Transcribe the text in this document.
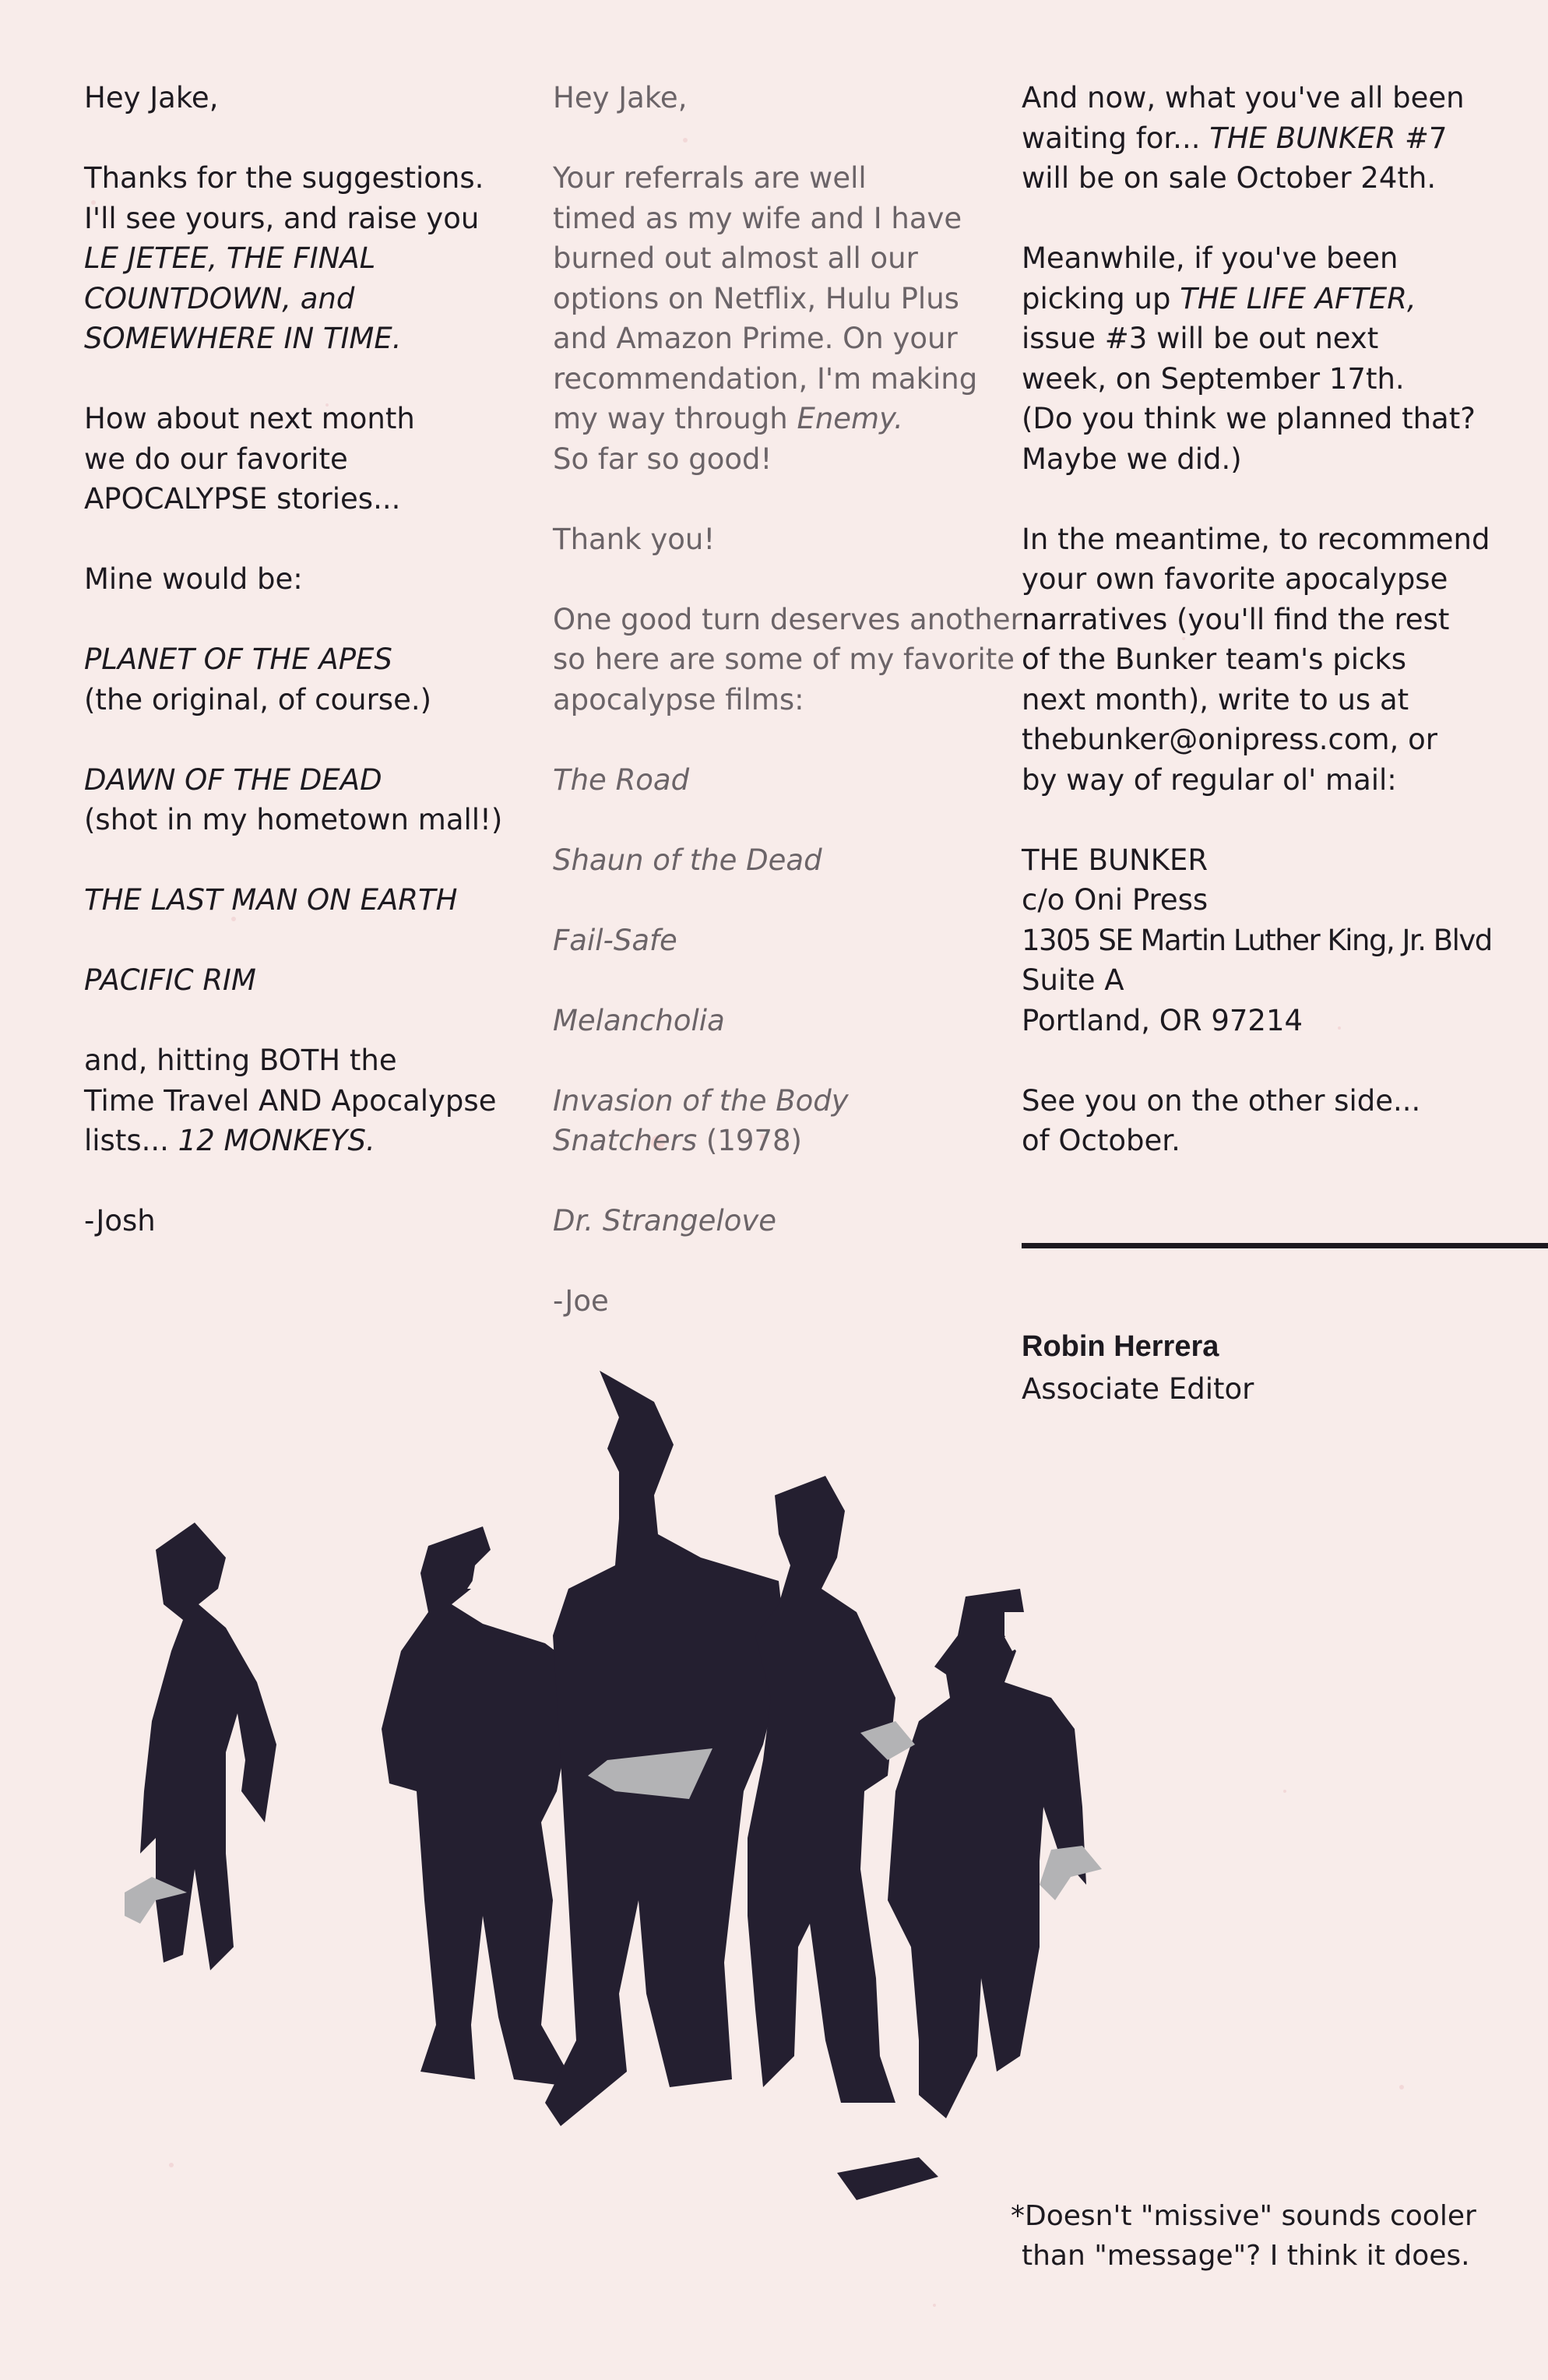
Hey Jake,

Thanks for the suggestions.
I'll see yours, and raise you
LE JETEE, THE FINAL
COUNTDOWN, and
SOMEWHERE IN TIME.

How about next month
we do our favorite
APOCALYPSE stories...

Mine would be:

PLANET OF THE APES
(the original, of course.)

DAWN OF THE DEAD
(shot in my hometown mall!)

THE LAST MAN ON EARTH

PACIFIC RIM

and, hitting BOTH the
Time Travel AND Apocalypse
lists... 12 MONKEYS.

-Josh

Hey Jake,

Your referrals are well
timed as my wife and I have
burned out almost all our
options on Netflix, Hulu Plus
and Amazon Prime. On your
recommendation, I'm making
my way through Enemy.
So far so good!

Thank you!

One good turn deserves another
so here are some of my favorite
apocalypse films:

The Road

Shaun of the Dead

Fail-Safe

Melancholia

Invasion of the Body
Snatchers (1978)

Dr. Strangelove

-Joe

And now, what you've all been
waiting for... THE BUNKER #7
will be on sale October 24th.

Meanwhile, if you've been
picking up THE LIFE AFTER,
issue #3 will be out next
week, on September 17th.
(Do you think we planned that?
Maybe we did.)

In the meantime, to recommend
your own favorite apocalypse
narratives (you'll find the rest
of the Bunker team's picks
next month), write to us at
thebunker@onipress.com, or
by way of regular ol' mail:

THE BUNKER
c/o Oni Press
1305 SE Martin Luther King, Jr. Blvd
Suite A
Portland, OR 97214

See you on the other side...
of October.

Robin Herrera
Associate Editor
*Doesn't "missive" sounds cooler
than "message"? I think it does.
